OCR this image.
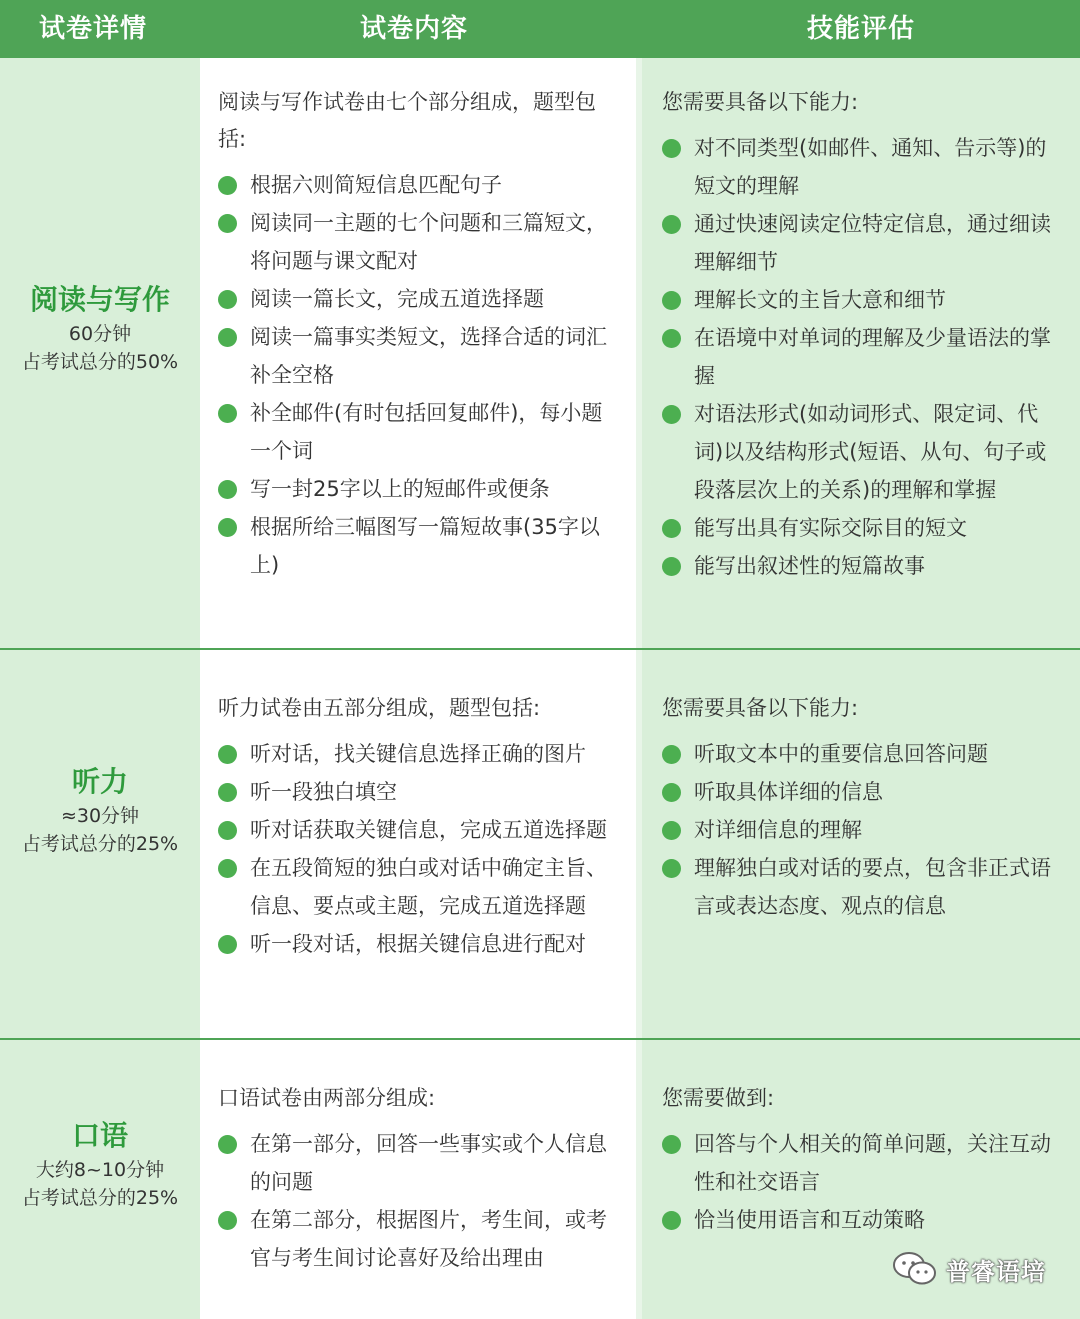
试卷详情	试卷内容	技能评估
阅读与写作
60分钟
占考试总分的50%
阅读与写作试卷由七个部分组成，题型包括:
根据六则简短信息匹配句子
阅读同一主题的七个问题和三篇短文，将问题与课文配对
阅读一篇长文，完成五道选择题
阅读一篇事实类短文，选择合适的词汇补全空格
补全邮件(有时包括回复邮件)，每小题一个词
写一封25字以上的短邮件或便条
根据所给三幅图写一篇短故事(35字以上)
您需要具备以下能力:
对不同类型(如邮件、通知、告示等)的短文的理解
通过快速阅读定位特定信息，通过细读理解细节
理解长文的主旨大意和细节
在语境中对单词的理解及少量语法的掌握
对语法形式(如动词形式、限定词、代词)以及结构形式(短语、从句、句子或段落层次上的关系)的理解和掌握
能写出具有实际交际目的短文
能写出叙述性的短篇故事
听力
≈30分钟
占考试总分的25%
听力试卷由五部分组成，题型包括:
听对话，找关键信息选择正确的图片
听一段独白填空
听对话获取关键信息，完成五道选择题
在五段简短的独白或对话中确定主旨、信息、要点或主题，完成五道选择题
听一段对话，根据关键信息进行配对
您需要具备以下能力:
听取文本中的重要信息回答问题
听取具体详细的信息
对详细信息的理解
理解独白或对话的要点，包含非正式语言或表达态度、观点的信息
口语
大约8~10分钟
占考试总分的25%
口语试卷由两部分组成:
在第一部分，回答一些事实或个人信息的问题
在第二部分，根据图片，考生间，或考官与考生间讨论喜好及给出理由
您需要做到:
回答与个人相关的简单问题，关注互动性和社交语言
恰当使用语言和互动策略
普睿语培
